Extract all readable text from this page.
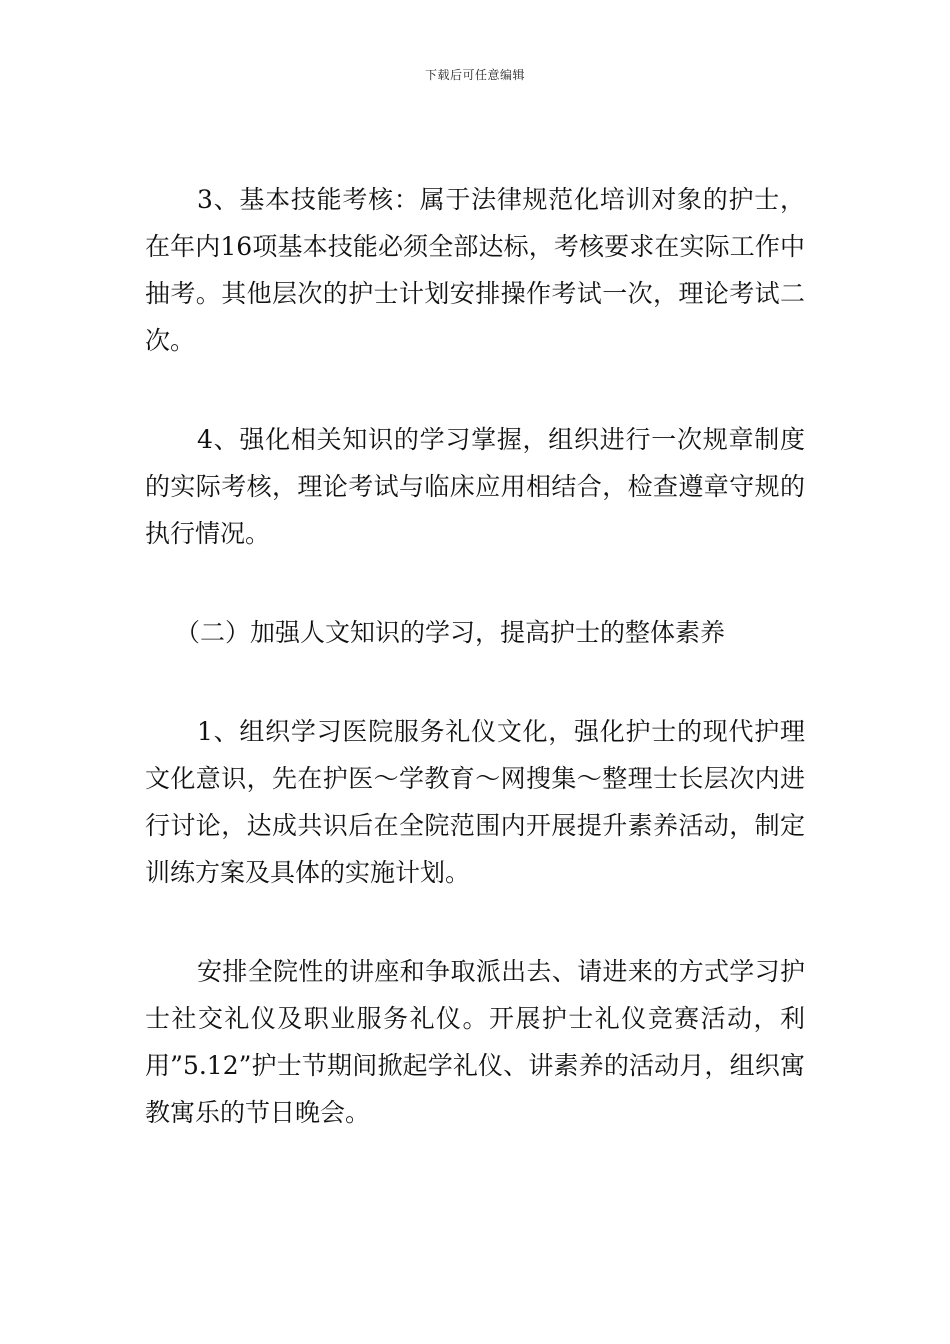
下载后可任意编辑

3、基本技能考核：属于法律规范化培训对象的护士，在年内16项基本技能必须全部达标，考核要求在实际工作中抽考。其他层次的护士计划安排操作考试一次，理论考试二次。

4、强化相关知识的学习掌握，组织进行一次规章制度的实际考核，理论考试与临床应用相结合，检查遵章守规的执行情况。

（二）加强人文知识的学习，提高护士的整体素养

1、组织学习医院服务礼仪文化，强化护士的现代护理文化意识，先在护医～学教育～网搜集～整理士长层次内进行讨论，达成共识后在全院范围内开展提升素养活动，制定训练方案及具体的实施计划。

安排全院性的讲座和争取派出去、请进来的方式学习护士社交礼仪及职业服务礼仪。开展护士礼仪竞赛活动，利用”5.12”护士节期间掀起学礼仪、讲素养的活动月，组织寓教寓乐的节日晚会。
